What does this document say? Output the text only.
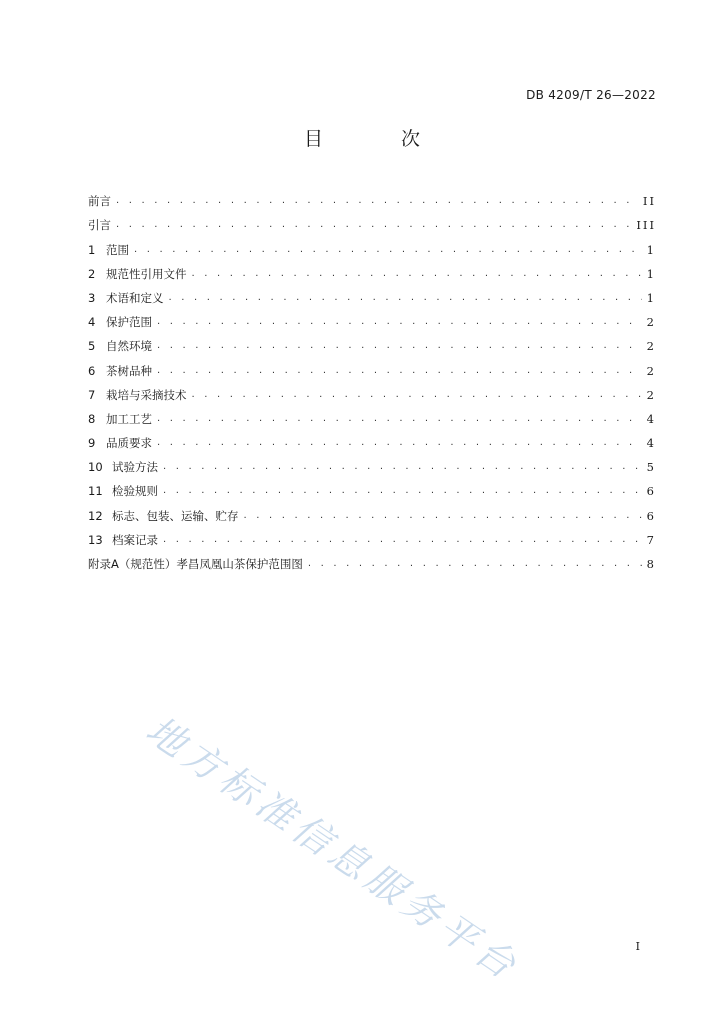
DB 4209/T 26—2022
目 次
前言 . . .	II
引言 . . .	III
1 范围 . . .	1
2 规范性引用文件 . . .	1
3 术语和定义 . . .	1
4 保护范围 . . .	2
5 自然环境 . . .	2
6 茶树品种 . . .	2
7 栽培与采摘技术 . . .	2
8 加工工艺 . . .	4
9 品质要求 . . .	4
10 试验方法 . . .	5
11 检验规则 . . .	6
12 标志、包装、运输、贮存 . . .	6
13 档案记录 . . .	7
附录A（规范性）孝昌凤凰山茶保护范围图 . . .	8
地方标准信息服务平台	I
